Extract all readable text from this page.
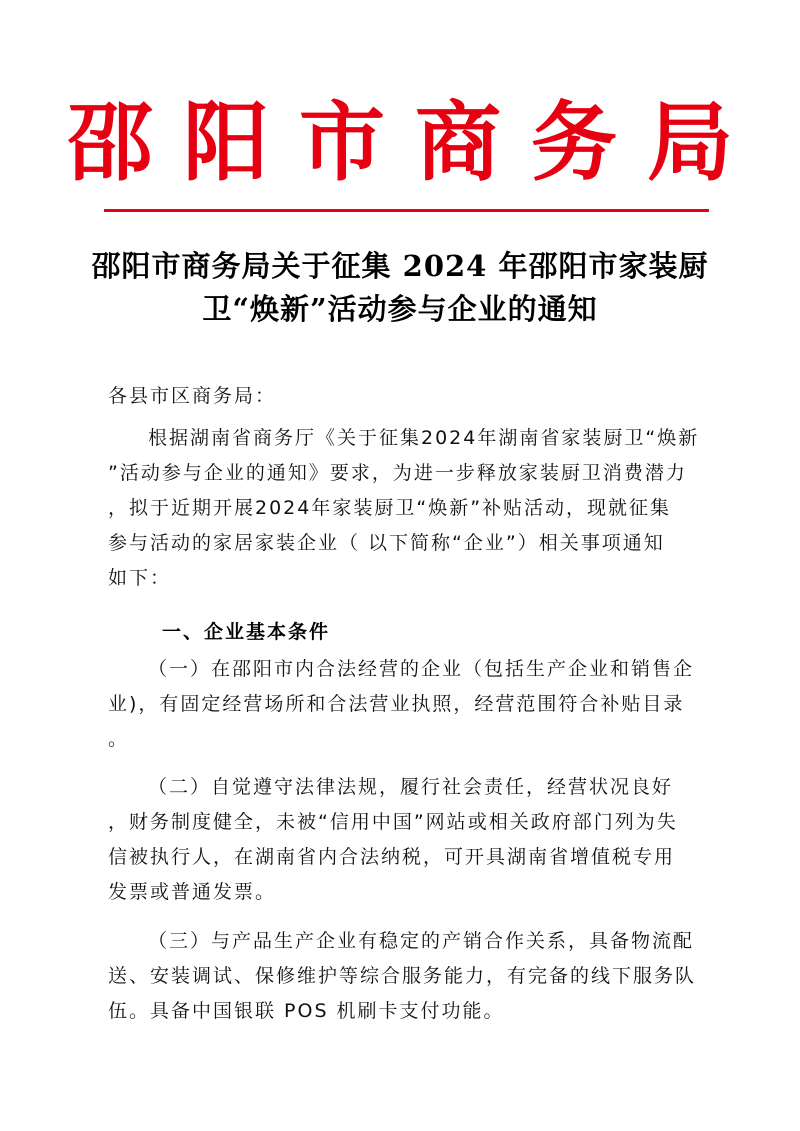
邵阳市商务局
邵阳市商务局关于征集 2024 年邵阳市家装厨
卫“焕新”活动参与企业的通知
各县市区商务局：
根据湖南省商务厅《关于征集2024年湖南省家装厨卫“焕新
”活动参与企业的通知》要求，为进一步释放家装厨卫消费潜力
，拟于近期开展2024年家装厨卫“焕新”补贴活动，现就征集
参与活动的家居家装企业（ 以下简称“企业”）相关事项通知
如下：
一、企业基本条件
（一）在邵阳市内合法经营的企业（包括生产企业和销售企
业)，有固定经营场所和合法营业执照，经营范围符合补贴目录
。
（二）自觉遵守法律法规，履行社会责任，经营状况良好
，财务制度健全，未被“信用中国”网站或相关政府部门列为失
信被执行人，在湖南省内合法纳税，可开具湖南省增值税专用
发票或普通发票。
（三）与产品生产企业有稳定的产销合作关系，具备物流配
送、安装调试、保修维护等综合服务能力，有完备的线下服务队
伍。具备中国银联 POS 机刷卡支付功能。
